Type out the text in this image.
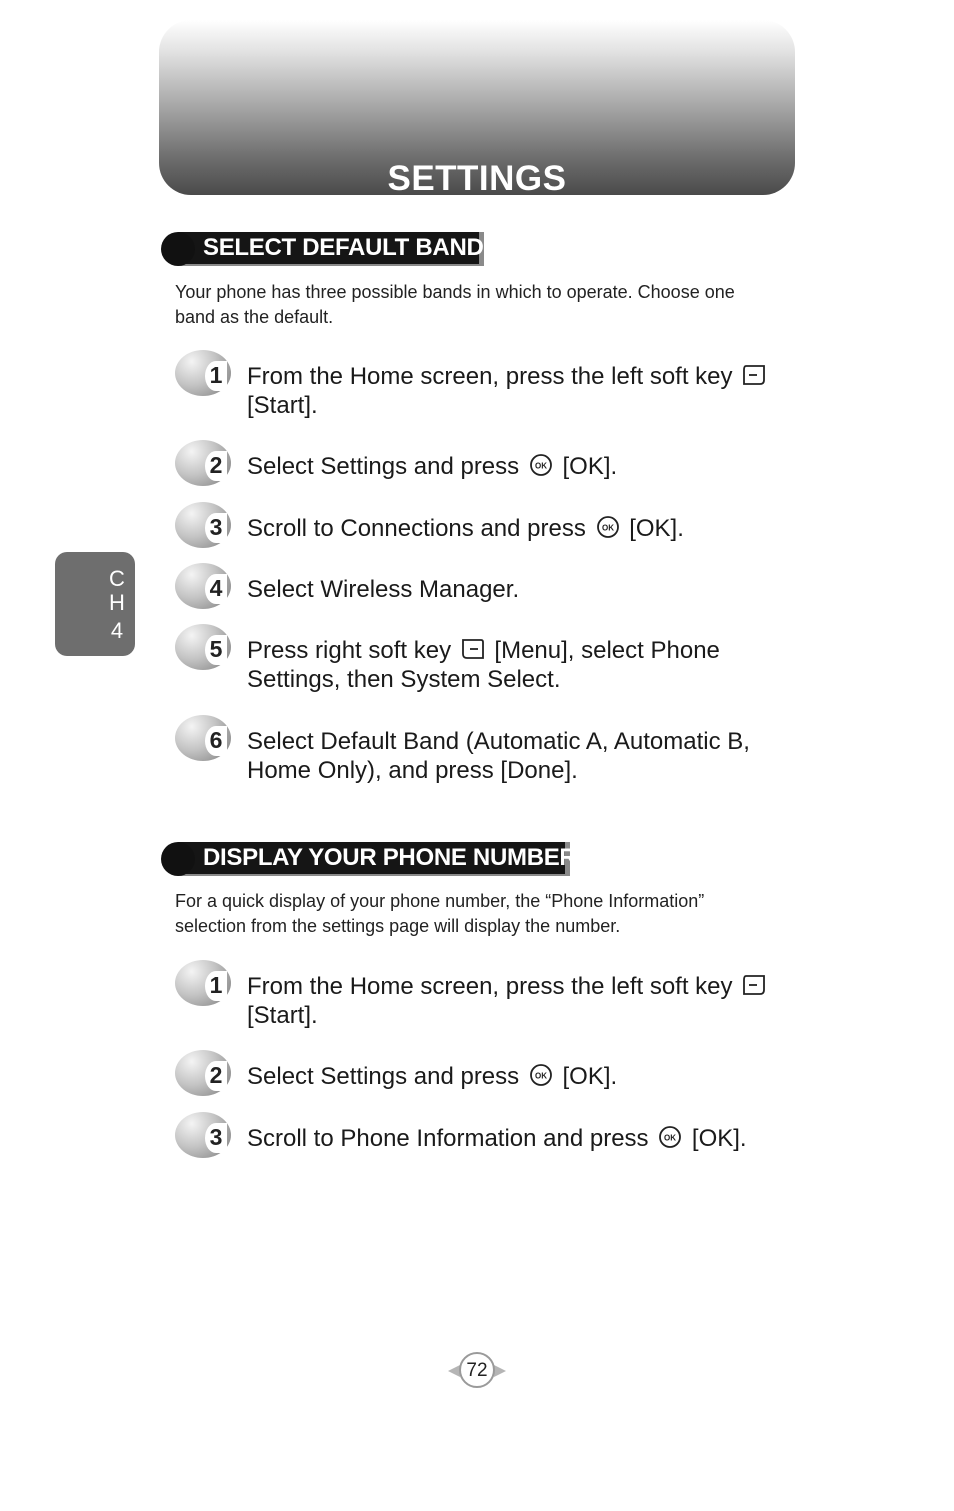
SETTINGS
C
H
4
SELECT DEFAULT BAND
Your phone has three possible bands in which to operate. Choose one
band as the default.
1 From the Home screen, press the left soft key
[Start].
2 Select Settings and press OK [OK].
3 Scroll to Connections and press OK [OK].
4 Select Wireless Manager.
5 Press right soft key [Menu], select Phone Settings, then System Select.
6 Select Default Band (Automatic A, Automatic B, Home Only), and press [Done].
DISPLAY YOUR PHONE NUMBER
For a quick display of your phone number, the “Phone Information”
selection from the settings page will display the number.
1 From the Home screen, press the left soft key
[Start].
2 Select Settings and press OK [OK].
3 Scroll to Phone Information and press OK [OK].
72
